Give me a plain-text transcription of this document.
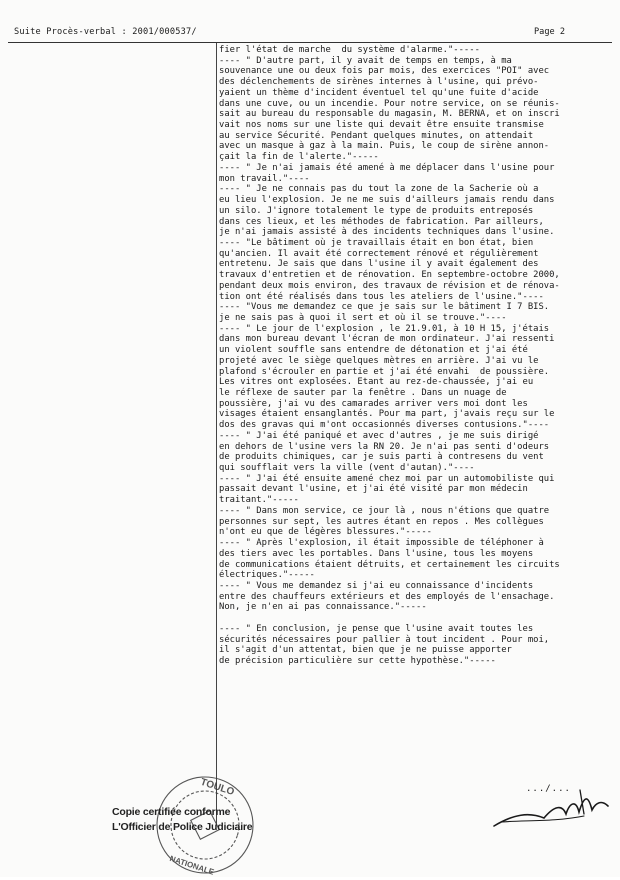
Suite Procès-verbal : 2001/000537/	Page 2
fier l'état de marche  du système d'alarme."-----
---- " D'autre part, il y avait de temps en temps, à ma
souvenance une ou deux fois par mois, des exercices "POI" avec
des déclenchements de sirènes internes à l'usine, qui prévo-
yaient un thème d'incident éventuel tel qu'une fuite d'acide
dans une cuve, ou un incendie. Pour notre service, on se réunis-
sait au bureau du responsable du magasin, M. BERNA, et on inscri
vait nos noms sur une liste qui devait être ensuite transmise
au service Sécurité. Pendant quelques minutes, on attendait
avec un masque à gaz à la main. Puis, le coup de sirène annon-
çait la fin de l'alerte."-----
---- " Je n'ai jamais été amené à me déplacer dans l'usine pour
mon travail."----
---- " Je ne connais pas du tout la zone de la Sacherie où a
eu lieu l'explosion. Je ne me suis d'ailleurs jamais rendu dans
un silo. J'ignore totalement le type de produits entreposés
dans ces lieux, et les méthodes de fabrication. Par ailleurs,
je n'ai jamais assisté à des incidents techniques dans l'usine.
---- "Le bâtiment où je travaillais était en bon état, bien
qu'ancien. Il avait été correctement rénové et régulièrement
entretenu. Je sais que dans l'usine il y avait également des
travaux d'entretien et de rénovation. En septembre-octobre 2000,
pendant deux mois environ, des travaux de révision et de rénova-
tion ont été réalisés dans tous les ateliers de l'usine."----
---- "Vous me demandez ce que je sais sur le bâtiment I 7 BIS.
je ne sais pas à quoi il sert et où il se trouve."----
---- " Le jour de l'explosion , le 21.9.01, à 10 H 15, j'étais
dans mon bureau devant l'écran de mon ordinateur. J'ai ressenti
un violent souffle sans entendre de détonation et j'ai été
projeté avec le siège quelques mètres en arrière. J'ai vu le
plafond s'écrouler en partie et j'ai été envahi  de poussière.
Les vitres ont explosées. Etant au rez-de-chaussée, j'ai eu
le réflexe de sauter par la fenêtre . Dans un nuage de
poussière, j'ai vu des camarades arriver vers moi dont les
visages étaient ensanglantés. Pour ma part, j'avais reçu sur le
dos des gravas qui m'ont occasionnés diverses contusions."----
---- " J'ai été paniqué et avec d'autres , je me suis dirigé
en dehors de l'usine vers la RN 20. Je n'ai pas senti d'odeurs
de produits chimiques, car je suis parti à contresens du vent
qui soufflait vers la ville (vent d'autan)."----
---- " J'ai été ensuite amené chez moi par un automobiliste qui
passait devant l'usine, et j'ai été visité par mon médecin
traitant."-----
---- " Dans mon service, ce jour là , nous n'étions que quatre
personnes sur sept, les autres étant en repos . Mes collègues
n'ont eu que de légères blessures."-----
---- " Après l'explosion, il était impossible de téléphoner à
des tiers avec les portables. Dans l'usine, tous les moyens
de communications étaient détruits, et certainement les circuits
électriques."-----
---- " Vous me demandez si j'ai eu connaissance d'incidents
entre des chauffeurs extérieurs et des employés de l'ensachage.
Non, je n'en ai pas connaissance."-----
---- " En conclusion, je pense que l'usine avait toutes les
sécurités nécessaires pour pallier à tout incident . Pour moi,
il s'agit d'un attentat, bien que je ne puisse apporter
de précision particulière sur cette hypothèse."-----
.../...
TOULO
NATIONALE
Copie certifiée conforme
L'Officier de Police Judiciaire
